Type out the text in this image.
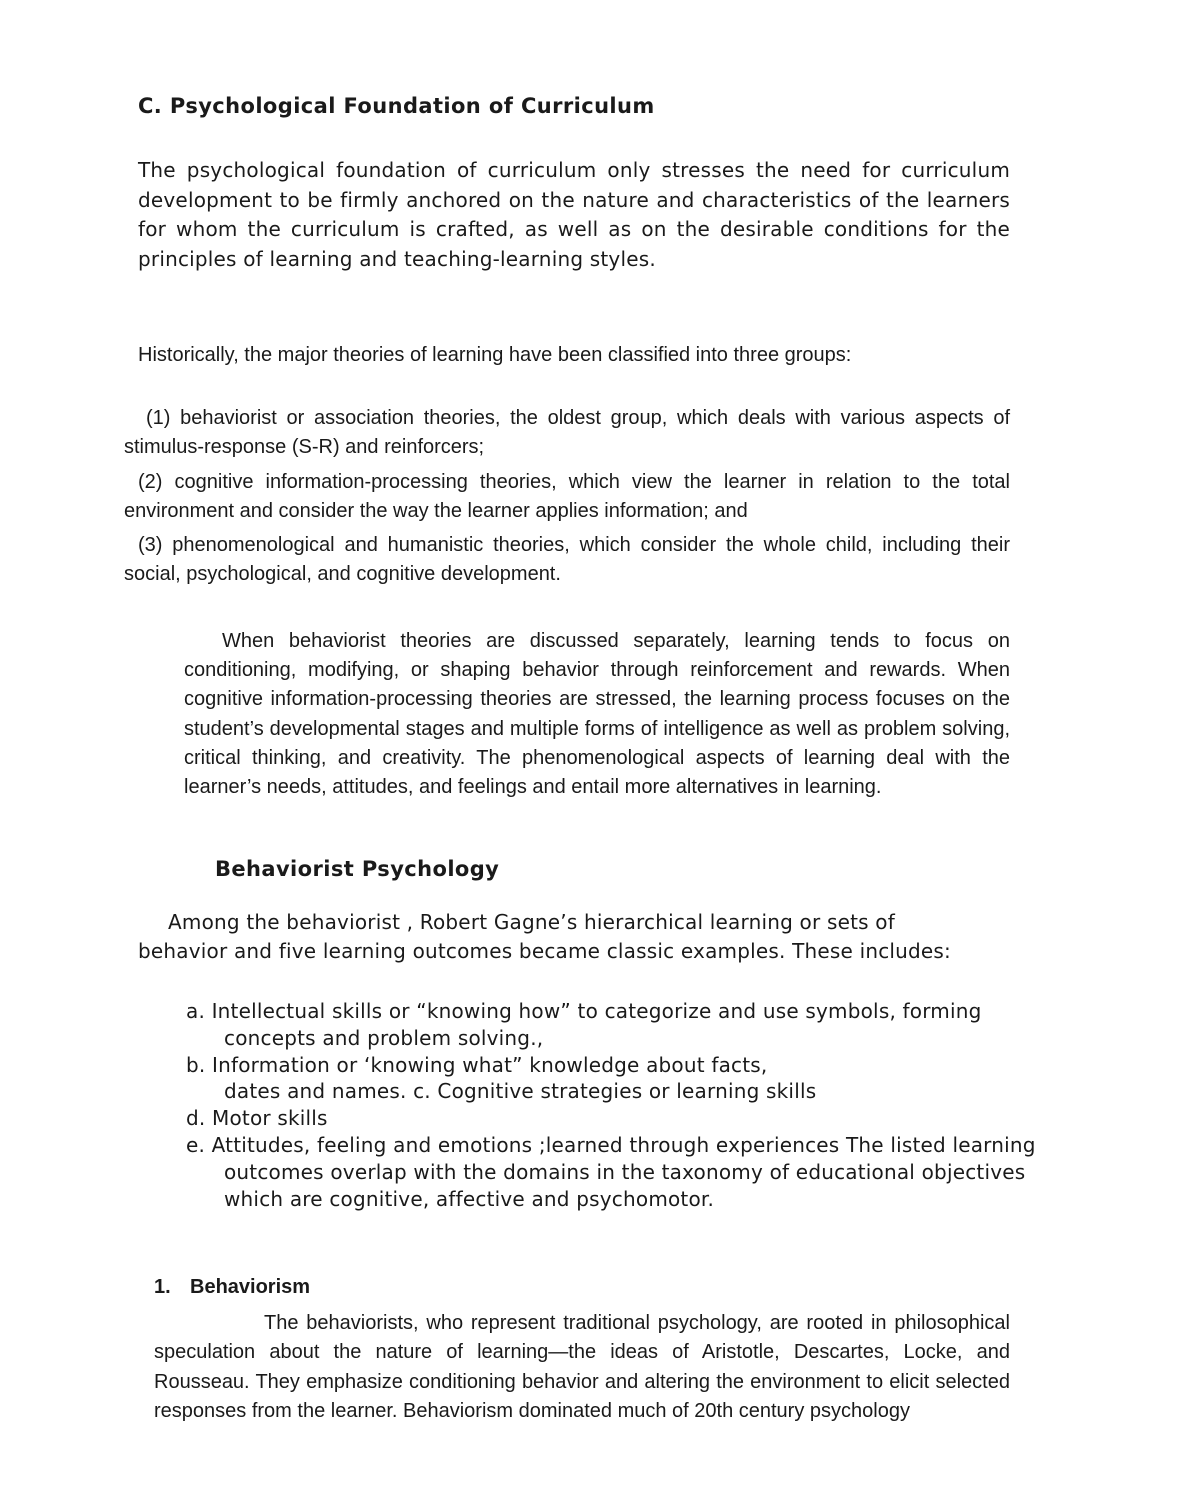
C. Psychological Foundation of Curriculum

The psychological foundation of curriculum only stresses the need for curriculum development to be firmly anchored on the nature and characteristics of the learners for whom the curriculum is crafted, as well as on the desirable conditions for the principles of learning and teaching-learning styles.

Historically, the major theories of learning have been classified into three groups:

(1) behaviorist or association theories, the oldest group, which deals with various aspects of stimulus-response (S-R) and reinforcers;

(2) cognitive information-processing theories, which view the learner in relation to the total environment and consider the way the learner applies information; and

(3) phenomenological and humanistic theories, which consider the whole child, including their social, psychological, and cognitive development.

When behaviorist theories are discussed separately, learning tends to focus on conditioning, modifying, or shaping behavior through reinforcement and rewards. When cognitive information-processing theories are stressed, the learning process focuses on the student’s developmental stages and multiple forms of intelligence as well as problem solving, critical thinking, and creativity. The phenomenological aspects of learning deal with the learner’s needs, attitudes, and feelings and entail more alternatives in learning.

Behaviorist Psychology

Among the behaviorist , Robert Gagne’s hierarchical learning or sets of behavior and five learning outcomes became classic examples. These includes:

a. Intellectual skills or “knowing how” to categorize and use symbols, forming concepts and problem solving.,
b. Information or ‘knowing what” knowledge about facts, dates and names. c. Cognitive strategies or learning skills
d. Motor skills
e. Attitudes, feeling and emotions ;learned through experiences The listed learning outcomes overlap with the domains in the taxonomy of educational objectives which are cognitive, affective and psychomotor.
1. Behaviorism

The behaviorists, who represent traditional psychology, are rooted in philosophical speculation about the nature of learning—the ideas of Aristotle, Descartes, Locke, and Rousseau. They emphasize conditioning behavior and altering the environment to elicit selected responses from the learner. Behaviorism dominated much of 20th century psychology
